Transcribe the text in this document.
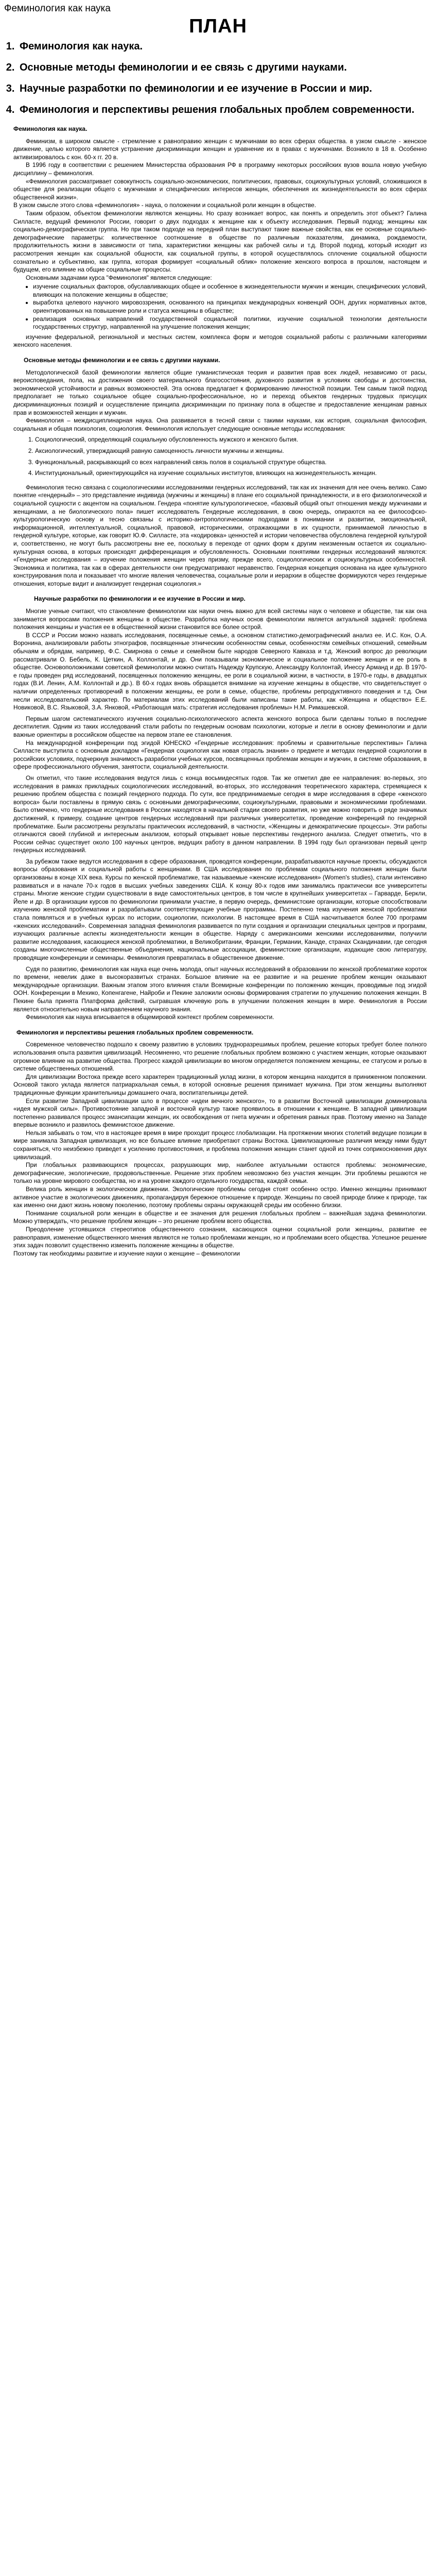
Феминология как наука
ПЛАН
1. Феминология как наука.
2. Основные методы феминологии и ее связь с другими науками.
3. Научные разработки по феминологии и ее изучение в России и мир.
4. Феминология и перспективы решения глобальных проблем современности.

Феминология как наука.

Феминизм, в широком смысле - стремление к равноправию женщин с мужчинами во всех сферах общества. в узком смысле - женское движение, целью которого является устранение дискриминации женщин и уравнение их в правах с мужчинами. Возникло в 18 в. Особенно активизировалось с кон. 60-х гг. 20 в.

В 1996 году в соответствии с решением Министерства образования РФ в программу некоторых российских вузов вошла новую учебную дисциплину – феминология.

«Феминология рассматривает совокупность социально-экономических, политических, правовых, социокультурных условий, сложившихся в обществе для реализации общего с мужчинами и специфических интересов женщин, обеспечения их жизнедеятельности во всех сферах общественной жизни».

В узком смысле этого слова «феминология» - наука, о положении и социальной роли женщин в обществе.

Таким образом, объектом феминологии являются женщины. Но сразу возникает вопрос, как понять и определить этот объект? Галина Силласте, ведущий феминолог России, говорит о двух подходах к женщине как к объекту исследования. Первый подход: женщины как социально-демографическая группа. Но при таком подходе на передний план выступают такие важные свойства, как ее основные социально-демографические параметры: количественное соотношение в обществе по различным показателям, динамика, рождаемости, продолжительность жизни в зависимости от типа, характеристики женщины как рабочей силы и т.д. Второй подход, который исходит из рассмотрения женщин как социальной общности, как социальной группы, в которой осуществлялось сплочение социальной общности сознательно и субъективно, как группа, которая формирует «социальный облик» положение женского вопроса в прошлом, настоящем и будущем, его влияние на общие социальные процессы.

Основными задачами курса "Феминология" является следующие:

• изучение социальных факторов, обуславливающих общее и особенное в жизнедеятельности мужчин и женщин, специфических условий, влияющих на положение женщины в обществе;
• выработка целевого научного мировоззрения, основанного на принципах международных конвенций ООН, других нормативных актов, ориентированных на повышение роли и статуса женщины в обществе;
• реализация основных направлений государственной социальной политики, изучение социальной технологии деятельности государственных структур, направленной на улучшение положения женщин;

изучение федеральной, региональной и местных систем, комплекса форм и методов социальной работы с различными категориями женского населения.

Основные методы феминологии и ее связь с другими науками.

Методологической базой феминологии является общие гуманистическая теория и развития прав всех людей, независимо от расы, вероисповедания, пола, на достижения своего материального благосостояния, духовного развития в условиях свободы и достоинства, экономической устойчивости и равных возможностей. Эта основа предлагает к формированию личностной позиции. Тем самым такой подход предполагает не только социальное общее социально-профессиональное, но и переход объектов гендерных трудовых присущих дискриминационных позиций и осуществление принципа дискриминации по признаку пола в обществе и предоставление женщинам равных прав и возможностей женщин и мужчин.

Феминология – междисциплинарная наука. Она развивается в тесной связи с такими науками, как история, социальная философия, социальная и общая психология, социология. Феминология использует следующие основные методы исследования:

1. Социологический, определяющий социальную обусловленность мужского и женского бытия.
2. Аксиологический, утверждающий равную самоценность личности мужчины и женщины.
3. Функциональный, раскрывающий со всех направлений связь полов в социальной структуре общества.
4. Институциональный, ориентирующийся на изучение социальных институтов, влияющих на жизнедеятельность женщин.

Феминология тесно связана с социологическими исследованиями гендерных исследований, так как их значения для нее очень велико. Само понятие «гендерный» – это представление индивида (мужчины и женщины) в плане его социальной принадлежности, и в его физиологической и социальной сущности с акцентом на социальном. Гендера «понятие культурологическое, «базовый общий опыт отношения между мужчинами и женщинами, а не биологического пола» пишет исследователь Гендерные исследования, в свою очередь, опираются на ее философско-культурологическую основу и тесно связаны с историко-антропологическими подходами в понимании и развитии, эмоциональной, информационной, интеллектуальной, социальной, правовой, историческими, отражающими в их сущности, принимаемой личностью в гендерной культуре, которые, как говорит Ю.Ф. Силласте, эта «кодировка» ценностей и истории человечества обусловлена гендерной культурой и, соответственно, не могут быть рассмотрены вне ее, поскольку в переходе от одних форм к другим неизменным остается их социально-культурная основа, в которых происходят дифференциация и обусловленность. Основными понятиями гендерных исследований являются: «Гендерные исследования – изучение положения женщин через призму, прежде всего, социологических и социокультурных особенностей. Экономика и политика, так как в сферах деятельности они предусматривают неравенство. Гендерная концепция основана на идее культурного конструирования пола и показывает что многие явления человечества, социальные роли и иерархии в обществе формируются через гендерные отношения, которые видит и анализирует гендерная социология.»

Научные разработки по феминологии и ее изучение в России и мир.

Многие ученые считают, что становление феминологии как науки очень важно для всей системы наук о человеке и обществе, так как она занимается вопросами положения женщины в обществе. Разработка научных основ феминологии является актуальной задачей: проблема положения женщины и участия ее в общественной жизни становится все более острой.

В СССР и России можно назвать исследования, посвященные семье, а основном статистико-демографический анализ ее. И.С. Кон, О.А. Воронина, анализировали работы этнографов, посвященные этническим особенностям семьи, особенностям семейных отношений, семейным обычаям и обрядам, например, Ф.С. Смирнова о семье и семейном быте народов Северного Кавказа и т.д. Женский вопрос до революции рассматривали О. Бебель, К. Цеткин, А. Коллонтай, и др. Они показывали экономическое и социальное положение женщин и ее роль в обществе. Основоположниками советской феминологии можно считать Надежду Крупскую, Александру Коллонтай, Инессу Арманд и др. В 1970-е годы проведен ряд исследований, посвященных положению женщины, ее роли в социальной жизни, в частности, в 1970-е годы, в двадцатых годах (В.И. Ленин, А.М. Коллонтай и др.). В 60-х годах вновь обращается внимание на изучение женщины в обществе, что свидетельствует о наличии определенных противоречий в положении женщины, ее роли в семье, обществе, проблемы репродуктивного поведения и т.д. Они несли исследовательский характер. По материалам этих исследований были написаны такие работы, как «Женщина и общество» Е.Е. Новиковой, В.С. Языковой, З.А. Янковой, «Работающая мать: стратегия исследования проблемы» Н.М. Римашевской.

Первым шагом систематического изучения социально-психологического аспекта женского вопроса были сделаны только в последние десятилетия. Одним из таких исследований стали работы по гендерным основам психологии, которые и легли в основу феминологии и дали важные ориентиры в российском обществе на первом этапе ее становления.

На международной конференции под эгидой ЮНЕСКО «Гендерные исследования: проблемы и сравнительные перспективы» Галина Силласте выступила с основным докладом «Гендерная социология как новая отрасль знания» о предмете и методах гендерной социологии в российских условиях, подчеркнув значимость разработки учебных курсов, посвященных проблемам женщин и мужчин, в системе образования, в сфере профессионального обучения, занятости, социальной деятельности.

Он отметил, что такие исследования ведутся лишь с конца восьмидесятых годов. Так же отметил две ее направления: во-первых, это исследования в рамках прикладных социологических исследований, во-вторых, это исследования теоретического характера, стремящиеся к решению проблем общества с позиций гендерного подхода. По сути, все предпринимаемые сегодня в мире исследования в сфере «женского вопроса» были поставлены в прямую связь с основными демографическими, социокультурными, правовыми и экономическими проблемами. Было отмечено, что гендерные исследования в России находятся в начальной стадии своего развития, но уже можно говорить о ряде значимых достижений, к примеру, создание центров гендерных исследований при различных университетах, проведение конференций по гендерной проблематике. Были рассмотрены результаты практических исследований, в частности, «Женщины и демократические процессы». Эти работы отличаются своей глубиной и интересным анализом, который открывает новые перспективы гендерного анализа. Следует отметить, что в России сейчас существует около 100 научных центров, ведущих работу в данном направлении. В 1994 году был организован первый центр гендерных исследований.

За рубежом также ведутся исследования в сфере образования, проводятся конференции, разрабатываются научные проекты, обсуждаются вопросы образования и социальной работы с женщинами. В США исследования по проблемам социального положения женщин были организованы в конце XIX века. Курсы по женской проблематике, так называемые «женские исследования» (Women's studies), стали интенсивно развиваться и в начале 70-х годов в высших учебных заведениях США. К концу 80-х годов ими занимались практически все университеты страны. Многие женские студии существовали в виде самостоятельных центров, в том числе в крупнейших университетах – Гарварде, Беркли, Йеле и др. В организации курсов по феминологии принимали участие, в первую очередь, феминистские организации, которые способствовали изучению женской проблематики и разрабатывали соответствующие учебные программы. Постепенно тема изучения женской проблематики стала появляться и в учебных курсах по истории, социологии, психологии. В настоящее время в США насчитывается более 700 программ «женских исследований». Современная западная феминология развивается по пути создания и организации специальных центров и программ, изучающих различные аспекты жизнедеятельности женщин в обществе. Наряду с американскими женскими исследованиями, получили развитие исследования, касающиеся женской проблематики, в Великобритании, Франции, Германии, Канаде, странах Скандинавии, где сегодня созданы многочисленные общественные объединения, национальные ассоциации, феминистские организации, издающие свою литературу, проводящие конференции и семинары. Феминология превратилась в общественное движение.

Судя по развитию, феминология как наука еще очень молода, опыт научных исследований в образовании по женской проблематике короток по времени, невелик даже в высокоразвитых странах. Большое влияние на ее развитие и на решение проблем женщин оказывают международные организации. Важным этапом этого влияния стали Всемирные конференции по положению женщин, проводимые под эгидой ООН. Конференции в Мехико, Копенгагене, Найроби и Пекине заложили основы формирования стратегии по улучшению положения женщин. В Пекине была принята Платформа действий, сыгравшая ключевую роль в улучшении положения женщин в мире. Феминология в России является относительно новым направлением научного знания.

Феминология как наука вписывается в общемировой контекст проблем современности.

Феминология и перспективы решения глобальных проблем современности.

Современное человечество подошло к своему развитию в условиях трудноразрешимых проблем, решение которых требует более полного использования опыта развития цивилизаций. Несомненно, что решение глобальных проблем возможно с участием женщин, которые оказывают огромное влияние на развитие общества. Прогресс каждой цивилизации во многом определяется положением женщины, ее статусом и ролью в системе общественных отношений.

Для цивилизации Востока прежде всего характерен традиционный уклад жизни, в котором женщина находится в приниженном положении. Основой такого уклада является патриархальная семья, в которой основные решения принимает мужчина. При этом женщины выполняют традиционные функции хранительницы домашнего очага, воспитательницы детей.

Если развитие Западной цивилизации шло в процессе «идеи вечного женского», то в развитии Восточной цивилизации доминировала «идея мужской силы». Противостояние западной и восточной культур также проявилось в отношении к женщине. В западной цивилизации постепенно развивался процесс эмансипации женщин, их освобождения от гнета мужчин и обретения равных прав. Поэтому именно на Западе впервые возникло и развилось феминистское движение.

Нельзя забывать о том, что в настоящее время в мире проходит процесс глобализации. На протяжении многих столетий ведущие позиции в мире занимала Западная цивилизация, но все большее влияние приобретают страны Востока. Цивилизационные различия между ними будут сохраняться, что неизбежно приведет к усилению противостояния, и проблема положения женщин станет одной из точек соприкосновения двух цивилизаций.

При глобальных развивающихся процессах, разрушающих мир, наиболее актуальными остаются проблемы: экономические, демографические, экологические, продовольственные. Решение этих проблем невозможно без участия женщин. Эти проблемы решаются не только на уровне мирового сообщества, но и на уровне каждого отдельного государства, каждой семьи.

Велика роль женщин в экологическом движении. Экологические проблемы сегодня стоят особенно остро. Именно женщины принимают активное участие в экологических движениях, пропагандируя бережное отношение к природе. Женщины по своей природе ближе к природе, так как именно они дают жизнь новому поколению, поэтому проблемы охраны окружающей среды им особенно близки.

Понимание социальной роли женщин в обществе и ее значения для решения глобальных проблем – важнейшая задача феминологии. Можно утверждать, что решение проблем женщин – это решение проблем всего общества.

Преодоление устоявшихся стереотипов общественного сознания, касающихся оценки социальной роли женщины, развитие ее равноправия, изменение общественного мнения являются не только проблемами женщин, но и проблемами всего общества. Успешное решение этих задач позволит существенно изменить положение женщины в обществе.

Поэтому так необходимы развитие и изучение науки о женщине – феминологии
